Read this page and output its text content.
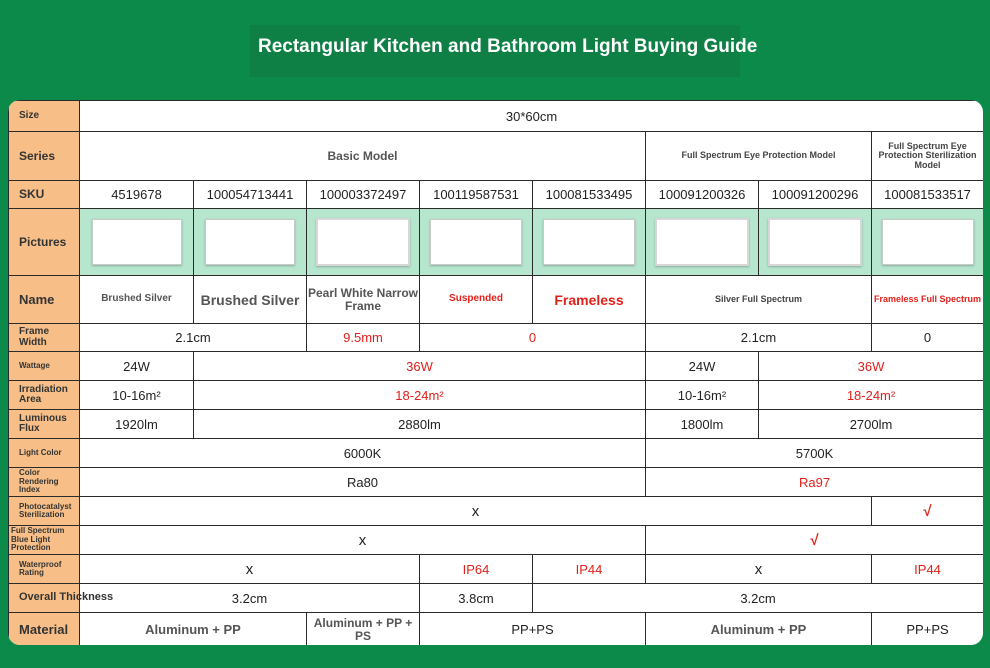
Rectangular Kitchen and Bathroom Light Buying Guide
Size	30*60cm							
Series	Basic Model					Full Spectrum Eye Protection Model		Full Spectrum Eye Protection Sterilization Model
SKU	4519678	100054713441	100003372497	100119587531	100081533495	100091200326	100091200296	100081533517
Pictures	

Name	Brushed Silver	Brushed Silver	Pearl White Narrow Frame	Suspended	Frameless	Silver Full Spectrum		Frameless Full Spectrum
Frame Width	2.1cm		9.5mm	0		2.1cm		0
Wattage	24W	36W				24W	36W	
Irradiation Area	10-16m²	18-24m²				10-16m²	18-24m²	
Luminous Flux	1920lm	2880lm				1800lm	2700lm	
Light Color	6000K					5700K		
Color Rendering Index	Ra80					Ra97		
Photocatalyst Sterilization	x							√
Full Spectrum Blue Light Protection	x					√		
Waterproof Rating	x			IP64	IP44	x		IP44
Overall Thickness	3.2cm			3.8cm	3.2cm			
Material	Aluminum + PP		Aluminum + PP + PS	PP+PS		Aluminum + PP		PP+PS
